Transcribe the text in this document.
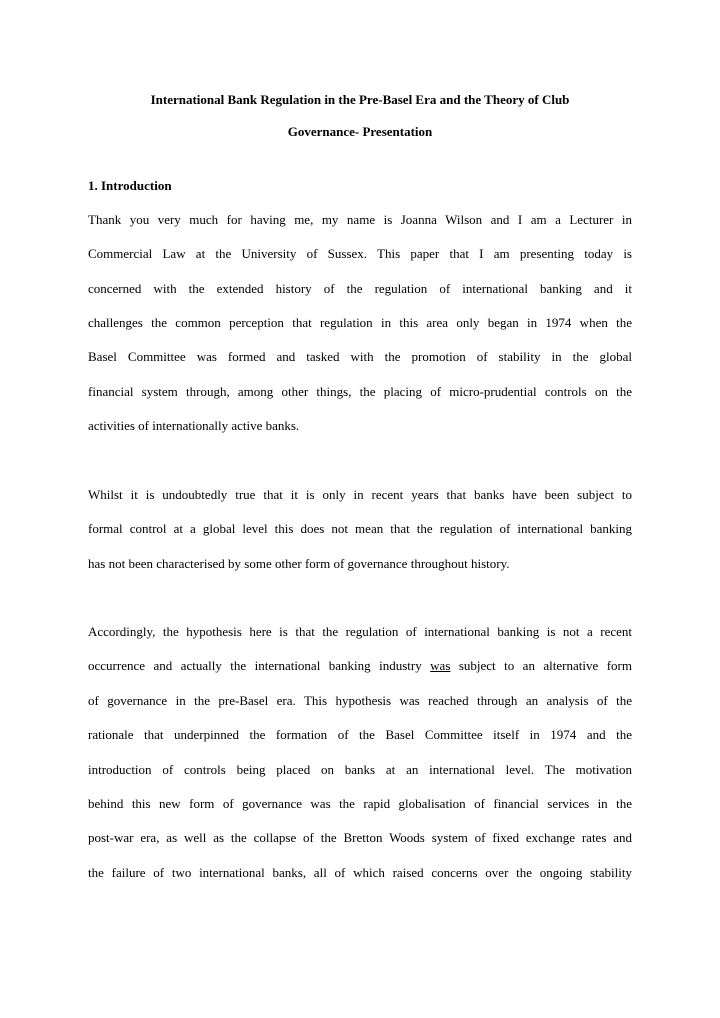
International Bank Regulation in the Pre-Basel Era and the Theory of Club
Governance- Presentation
1. Introduction
Thank you very much for having me, my name is Joanna Wilson and I am a Lecturer in
Commercial Law at the University of Sussex. This paper that I am presenting today is
concerned with the extended history of the regulation of international banking and it
challenges the common perception that regulation in this area only began in 1974 when the
Basel Committee was formed and tasked with the promotion of stability in the global
financial system through, among other things, the placing of micro-prudential controls on the
activities of internationally active banks.
Whilst it is undoubtedly true that it is only in recent years that banks have been subject to
formal control at a global level this does not mean that the regulation of international banking
has not been characterised by some other form of governance throughout history.
Accordingly, the hypothesis here is that the regulation of international banking is not a recent
occurrence and actually the international banking industry was subject to an alternative form
of governance in the pre-Basel era. This hypothesis was reached through an analysis of the
rationale that underpinned the formation of the Basel Committee itself in 1974 and the
introduction of controls being placed on banks at an international level. The motivation
behind this new form of governance was the rapid globalisation of financial services in the
post-war era, as well as the collapse of the Bretton Woods system of fixed exchange rates and
the failure of two international banks, all of which raised concerns over the ongoing stability
